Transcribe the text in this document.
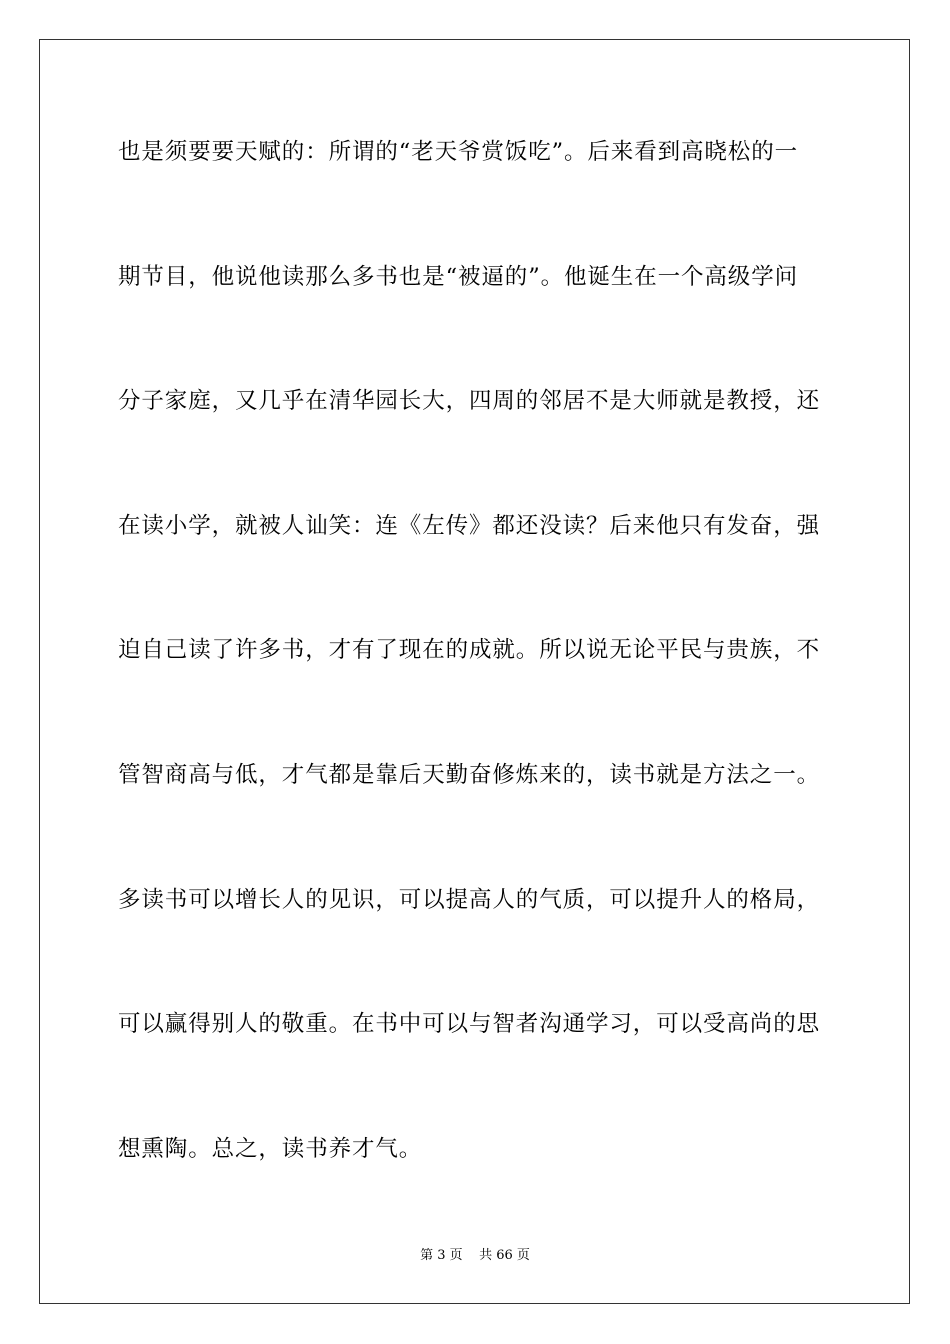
也是须要要天赋的：所谓的“老天爷赏饭吃”。后来看到高晓松的一
期节目，他说他读那么多书也是“被逼的”。他诞生在一个高级学问
分子家庭，又几乎在清华园长大，四周的邻居不是大师就是教授，还
在读小学，就被人讪笑：连《左传》都还没读？后来他只有发奋，强
迫自己读了许多书，才有了现在的成就。所以说无论平民与贵族，不
管智商高与低，才气都是靠后天勤奋修炼来的，读书就是方法之一。
多读书可以增长人的见识，可以提高人的气质，可以提升人的格局，
可以赢得别人的敬重。在书中可以与智者沟通学习，可以受高尚的思
想熏陶。总之，读书养才气。
第 3 页    共 66 页
